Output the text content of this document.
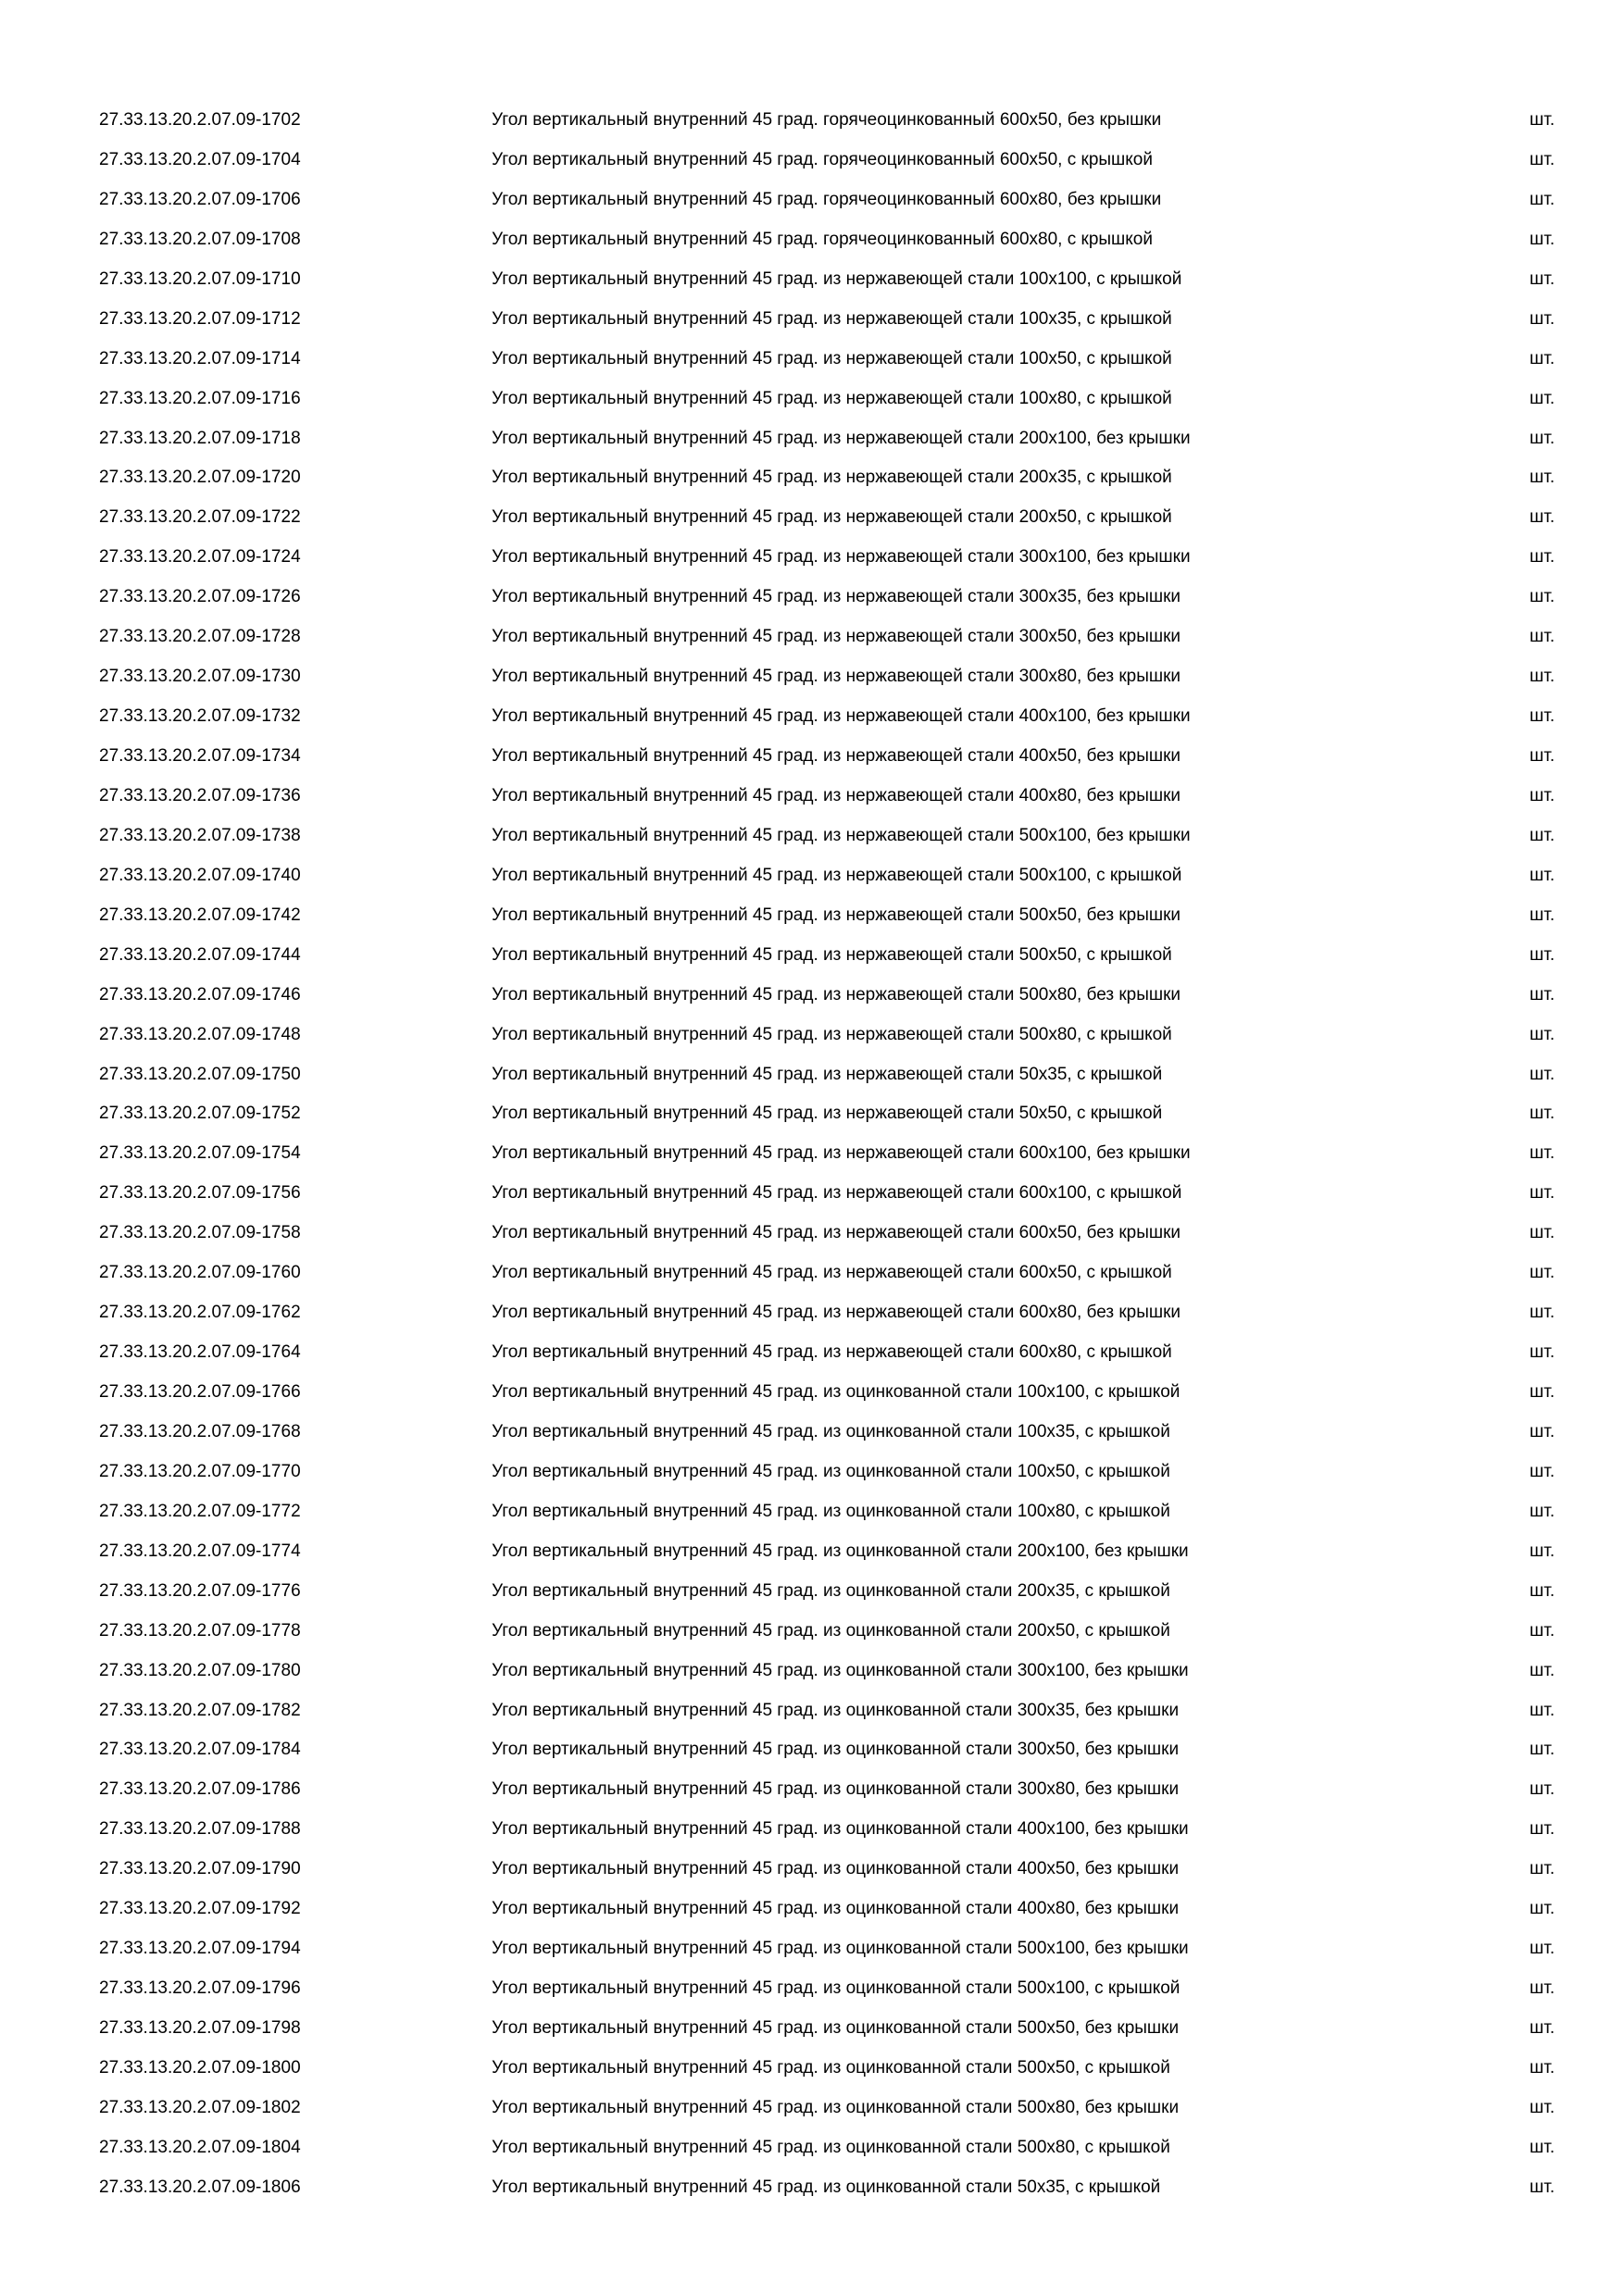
27.33.13.20.2.07.09-1702	Угол вертикальный внутренний 45 град. горячеоцинкованный 600x50, без крышки	шт.
27.33.13.20.2.07.09-1704	Угол вертикальный внутренний 45 град. горячеоцинкованный 600x50, с крышкой	шт.
27.33.13.20.2.07.09-1706	Угол вертикальный внутренний 45 град. горячеоцинкованный 600x80, без крышки	шт.
27.33.13.20.2.07.09-1708	Угол вертикальный внутренний 45 град. горячеоцинкованный 600x80, с крышкой	шт.
27.33.13.20.2.07.09-1710	Угол вертикальный внутренний 45 град. из нержавеющей стали 100x100, с крышкой	шт.
27.33.13.20.2.07.09-1712	Угол вертикальный внутренний 45 град. из нержавеющей стали 100x35, с крышкой	шт.
27.33.13.20.2.07.09-1714	Угол вертикальный внутренний 45 град. из нержавеющей стали 100x50, с крышкой	шт.
27.33.13.20.2.07.09-1716	Угол вертикальный внутренний 45 град. из нержавеющей стали 100x80, с крышкой	шт.
27.33.13.20.2.07.09-1718	Угол вертикальный внутренний 45 град. из нержавеющей стали 200x100, без крышки	шт.
27.33.13.20.2.07.09-1720	Угол вертикальный внутренний 45 град. из нержавеющей стали 200x35, с крышкой	шт.
27.33.13.20.2.07.09-1722	Угол вертикальный внутренний 45 град. из нержавеющей стали 200x50, с крышкой	шт.
27.33.13.20.2.07.09-1724	Угол вертикальный внутренний 45 град. из нержавеющей стали 300x100, без крышки	шт.
27.33.13.20.2.07.09-1726	Угол вертикальный внутренний 45 град. из нержавеющей стали 300x35, без крышки	шт.
27.33.13.20.2.07.09-1728	Угол вертикальный внутренний 45 град. из нержавеющей стали 300x50, без крышки	шт.
27.33.13.20.2.07.09-1730	Угол вертикальный внутренний 45 град. из нержавеющей стали 300x80, без крышки	шт.
27.33.13.20.2.07.09-1732	Угол вертикальный внутренний 45 град. из нержавеющей стали 400x100, без крышки	шт.
27.33.13.20.2.07.09-1734	Угол вертикальный внутренний 45 град. из нержавеющей стали 400x50, без крышки	шт.
27.33.13.20.2.07.09-1736	Угол вертикальный внутренний 45 град. из нержавеющей стали 400x80, без крышки	шт.
27.33.13.20.2.07.09-1738	Угол вертикальный внутренний 45 град. из нержавеющей стали 500x100, без крышки	шт.
27.33.13.20.2.07.09-1740	Угол вертикальный внутренний 45 град. из нержавеющей стали 500x100, с крышкой	шт.
27.33.13.20.2.07.09-1742	Угол вертикальный внутренний 45 град. из нержавеющей стали 500x50, без крышки	шт.
27.33.13.20.2.07.09-1744	Угол вертикальный внутренний 45 град. из нержавеющей стали 500x50, с крышкой	шт.
27.33.13.20.2.07.09-1746	Угол вертикальный внутренний 45 град. из нержавеющей стали 500x80, без крышки	шт.
27.33.13.20.2.07.09-1748	Угол вертикальный внутренний 45 град. из нержавеющей стали 500x80, с крышкой	шт.
27.33.13.20.2.07.09-1750	Угол вертикальный внутренний 45 град. из нержавеющей стали 50x35, с крышкой	шт.
27.33.13.20.2.07.09-1752	Угол вертикальный внутренний 45 град. из нержавеющей стали 50x50, с крышкой	шт.
27.33.13.20.2.07.09-1754	Угол вертикальный внутренний 45 град. из нержавеющей стали 600x100, без крышки	шт.
27.33.13.20.2.07.09-1756	Угол вертикальный внутренний 45 град. из нержавеющей стали 600x100, с крышкой	шт.
27.33.13.20.2.07.09-1758	Угол вертикальный внутренний 45 град. из нержавеющей стали 600x50, без крышки	шт.
27.33.13.20.2.07.09-1760	Угол вертикальный внутренний 45 град. из нержавеющей стали 600x50, с крышкой	шт.
27.33.13.20.2.07.09-1762	Угол вертикальный внутренний 45 град. из нержавеющей стали 600x80, без крышки	шт.
27.33.13.20.2.07.09-1764	Угол вертикальный внутренний 45 град. из нержавеющей стали 600x80, с крышкой	шт.
27.33.13.20.2.07.09-1766	Угол вертикальный внутренний 45 град. из оцинкованной стали 100x100, с крышкой	шт.
27.33.13.20.2.07.09-1768	Угол вертикальный внутренний 45 град. из оцинкованной стали 100x35, с крышкой	шт.
27.33.13.20.2.07.09-1770	Угол вертикальный внутренний 45 град. из оцинкованной стали 100x50, с крышкой	шт.
27.33.13.20.2.07.09-1772	Угол вертикальный внутренний 45 град. из оцинкованной стали 100x80, с крышкой	шт.
27.33.13.20.2.07.09-1774	Угол вертикальный внутренний 45 град. из оцинкованной стали 200x100, без крышки	шт.
27.33.13.20.2.07.09-1776	Угол вертикальный внутренний 45 град. из оцинкованной стали 200x35, с крышкой	шт.
27.33.13.20.2.07.09-1778	Угол вертикальный внутренний 45 град. из оцинкованной стали 200x50, с крышкой	шт.
27.33.13.20.2.07.09-1780	Угол вертикальный внутренний 45 град. из оцинкованной стали 300x100, без крышки	шт.
27.33.13.20.2.07.09-1782	Угол вертикальный внутренний 45 град. из оцинкованной стали 300x35, без крышки	шт.
27.33.13.20.2.07.09-1784	Угол вертикальный внутренний 45 град. из оцинкованной стали 300x50, без крышки	шт.
27.33.13.20.2.07.09-1786	Угол вертикальный внутренний 45 град. из оцинкованной стали 300x80, без крышки	шт.
27.33.13.20.2.07.09-1788	Угол вертикальный внутренний 45 град. из оцинкованной стали 400x100, без крышки	шт.
27.33.13.20.2.07.09-1790	Угол вертикальный внутренний 45 град. из оцинкованной стали 400x50, без крышки	шт.
27.33.13.20.2.07.09-1792	Угол вертикальный внутренний 45 град. из оцинкованной стали 400x80, без крышки	шт.
27.33.13.20.2.07.09-1794	Угол вертикальный внутренний 45 град. из оцинкованной стали 500x100, без крышки	шт.
27.33.13.20.2.07.09-1796	Угол вертикальный внутренний 45 град. из оцинкованной стали 500x100, с крышкой	шт.
27.33.13.20.2.07.09-1798	Угол вертикальный внутренний 45 град. из оцинкованной стали 500x50, без крышки	шт.
27.33.13.20.2.07.09-1800	Угол вертикальный внутренний 45 град. из оцинкованной стали 500x50, с крышкой	шт.
27.33.13.20.2.07.09-1802	Угол вертикальный внутренний 45 град. из оцинкованной стали 500x80, без крышки	шт.
27.33.13.20.2.07.09-1804	Угол вертикальный внутренний 45 град. из оцинкованной стали 500x80, с крышкой	шт.
27.33.13.20.2.07.09-1806	Угол вертикальный внутренний 45 град. из оцинкованной стали 50x35, с крышкой	шт.
